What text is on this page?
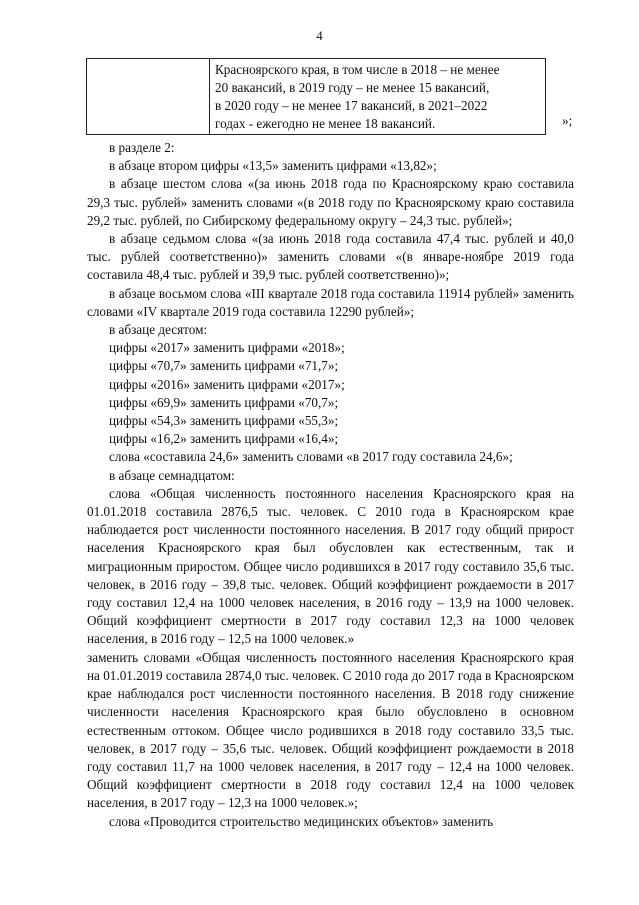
4

Красноярского края, в том числе в 2018 – не менее
20 вакансий, в 2019 году – не менее 15 вакансий,
в 2020 году – не менее 17 вакансий, в 2021–2022
годах - ежегодно не менее 18 вакансий.	»;

в разделе 2:

в абзаце втором цифры «13,5» заменить цифрами «13,82»;

в абзаце шестом слова «(за июнь 2018 года по Красноярскому краю составила 29,3 тыс. рублей» заменить словами «(в 2018 году по Красноярскому краю составила 29,2 тыс. рублей, по Сибирскому федеральному округу – 24,3 тыс. рублей»;

в абзаце седьмом слова «(за июнь 2018 года составила 47,4 тыс. рублей и 40,0 тыс. рублей соответственно)» заменить словами «(в январе-ноябре 2019 года составила 48,4 тыс. рублей и 39,9 тыс. рублей соответственно)»;

в абзаце восьмом слова «III квартале 2018 года составила 11914 рублей» заменить словами «IV квартале 2019 года составила 12290 рублей»;

в абзаце десятом:

цифры «2017» заменить цифрами «2018»;

цифры «70,7» заменить цифрами «71,7»;

цифры «2016» заменить цифрами «2017»;

цифры «69,9» заменить цифрами «70,7»;

цифры «54,3» заменить цифрами «55,3»;

цифры «16,2» заменить цифрами «16,4»;

слова «составила 24,6» заменить словами «в 2017 году составила 24,6»;

в абзаце семнадцатом:

слова «Общая численность постоянного населения Красноярского края на 01.01.2018 составила 2876,5 тыс. человек. С 2010 года в Красноярском крае наблюдается рост численности постоянного населения. В 2017 году общий прирост населения Красноярского края был обусловлен как естественным, так и миграционным приростом. Общее число родившихся в 2017 году составило 35,6 тыс. человек, в 2016 году – 39,8 тыс. человек. Общий коэффициент рождаемости в 2017 году составил 12,4 на 1000 человек населения, в 2016 году – 13,9 на 1000 человек. Общий коэффициент смертности в 2017 году составил 12,3 на 1000 человек населения, в 2016 году – 12,5 на 1000 человек.»

заменить словами «Общая численность постоянного населения Красноярского края на 01.01.2019 составила 2874,0 тыс. человек. С 2010 года до 2017 года в Красноярском крае наблюдался рост численности постоянного населения. В 2018 году снижение численности населения Красноярского края было обусловлено в основном естественным оттоком. Общее число родившихся в 2018 году составило 33,5 тыс. человек, в 2017 году – 35,6 тыс. человек. Общий коэффициент рождаемости в 2018 году составил 11,7 на 1000 человек населения, в 2017 году – 12,4 на 1000 человек. Общий коэффициент смертности в 2018 году составил 12,4 на 1000 человек населения, в 2017 году – 12,3 на 1000 человек.»;

слова «Проводится строительство медицинских объектов» заменить
